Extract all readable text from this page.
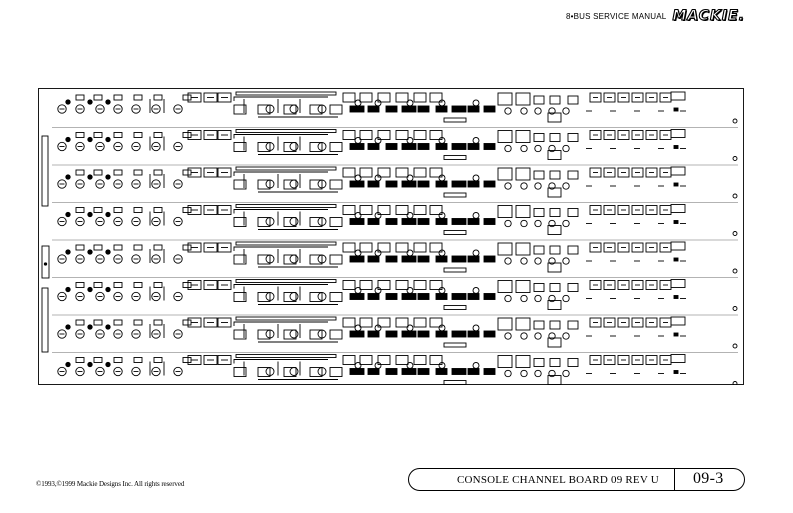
8•BUS SERVICE MANUAL MACKIE.
©1993,©1999 Mackie Designs Inc. All rights reserved	CONSOLE CHANNEL BOARD 09 REV U 09-3
